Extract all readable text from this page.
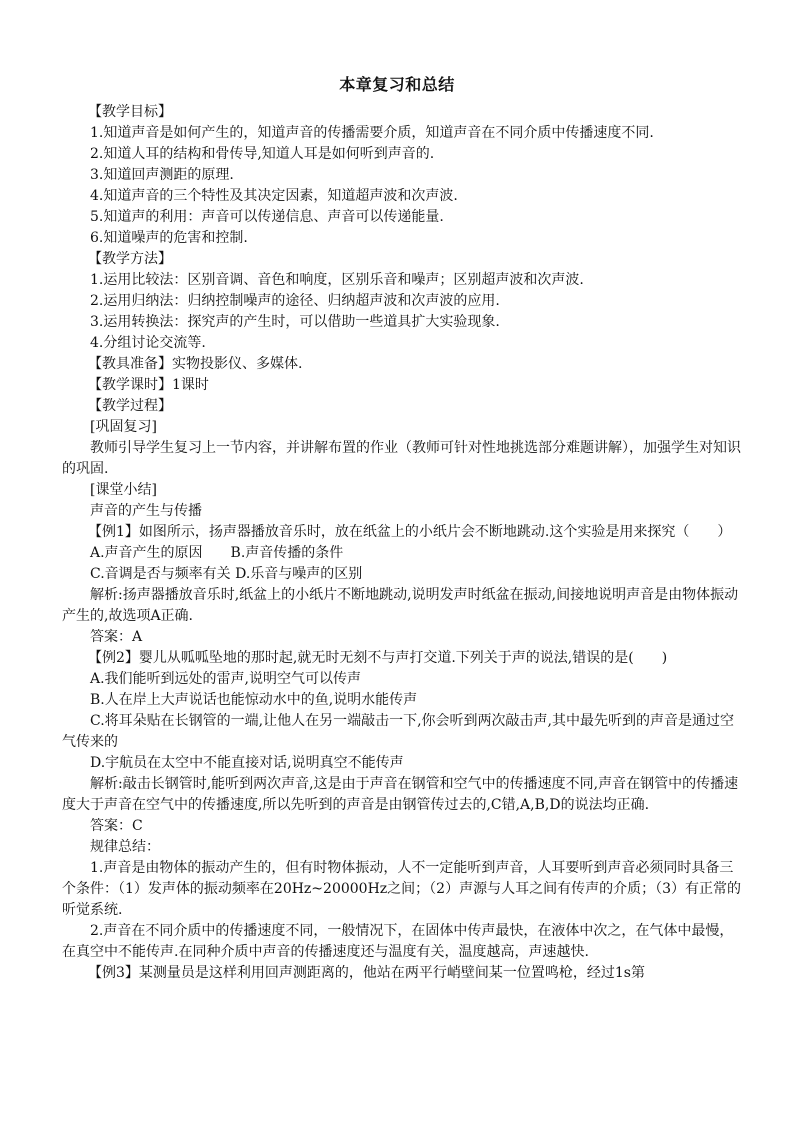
本章复习和总结

【教学目标】

1.知道声音是如何产生的，知道声音的传播需要介质，知道声音在不同介质中传播速度不同.

2.知道人耳的结构和骨传导,知道人耳是如何听到声音的.

3.知道回声测距的原理.

4.知道声音的三个特性及其决定因素，知道超声波和次声波.

5.知道声的利用：声音可以传递信息、声音可以传递能量.

6.知道噪声的危害和控制.

【教学方法】

1.运用比较法：区别音调、音色和响度，区别乐音和噪声；区别超声波和次声波.

2.运用归纳法：归纳控制噪声的途径、归纳超声波和次声波的应用.

3.运用转换法：探究声的产生时，可以借助一些道具扩大实验现象.

4.分组讨论交流等.

【教具准备】实物投影仪、多媒体.

【教学课时】1课时

【教学过程】

[巩固复习]

教师引导学生复习上一节内容，并讲解布置的作业（教师可针对性地挑选部分难题讲解），加强学生对知识的巩固.

[课堂小结]

声音的产生与传播

【例1】如图所示，扬声器播放音乐时，放在纸盆上的小纸片会不断地跳动.这个实验是用来探究（　　）

A.声音产生的原因　　B.声音传播的条件

C.音调是否与频率有关 D.乐音与噪声的区别

解析:扬声器播放音乐时,纸盆上的小纸片不断地跳动,说明发声时纸盆在振动,间接地说明声音是由物体振动产生的,故选项A正确.

答案：A

【例2】婴儿从呱呱坠地的那时起,就无时无刻不与声打交道.下列关于声的说法,错误的是(　　)

A.我们能听到远处的雷声,说明空气可以传声

B.人在岸上大声说话也能惊动水中的鱼,说明水能传声

C.将耳朵贴在长钢管的一端,让他人在另一端敲击一下,你会听到两次敲击声,其中最先听到的声音是通过空气传来的

D.宇航员在太空中不能直接对话,说明真空不能传声

解析:敲击长钢管时,能听到两次声音,这是由于声音在钢管和空气中的传播速度不同,声音在钢管中的传播速度大于声音在空气中的传播速度,所以先听到的声音是由钢管传过去的,C错,A,B,D的说法均正确.

答案：C

规律总结：

1.声音是由物体的振动产生的，但有时物体振动，人不一定能听到声音，人耳要听到声音必须同时具备三个条件：（1）发声体的振动频率在20Hz~20000Hz之间；（2）声源与人耳之间有传声的介质；（3）有正常的听觉系统.

2.声音在不同介质中的传播速度不同，一般情况下，在固体中传声最快，在液体中次之，在气体中最慢，在真空中不能传声.在同种介质中声音的传播速度还与温度有关，温度越高，声速越快.

【例3】某测量员是这样利用回声测距离的，他站在两平行峭壁间某一位置鸣枪，经过1s第
